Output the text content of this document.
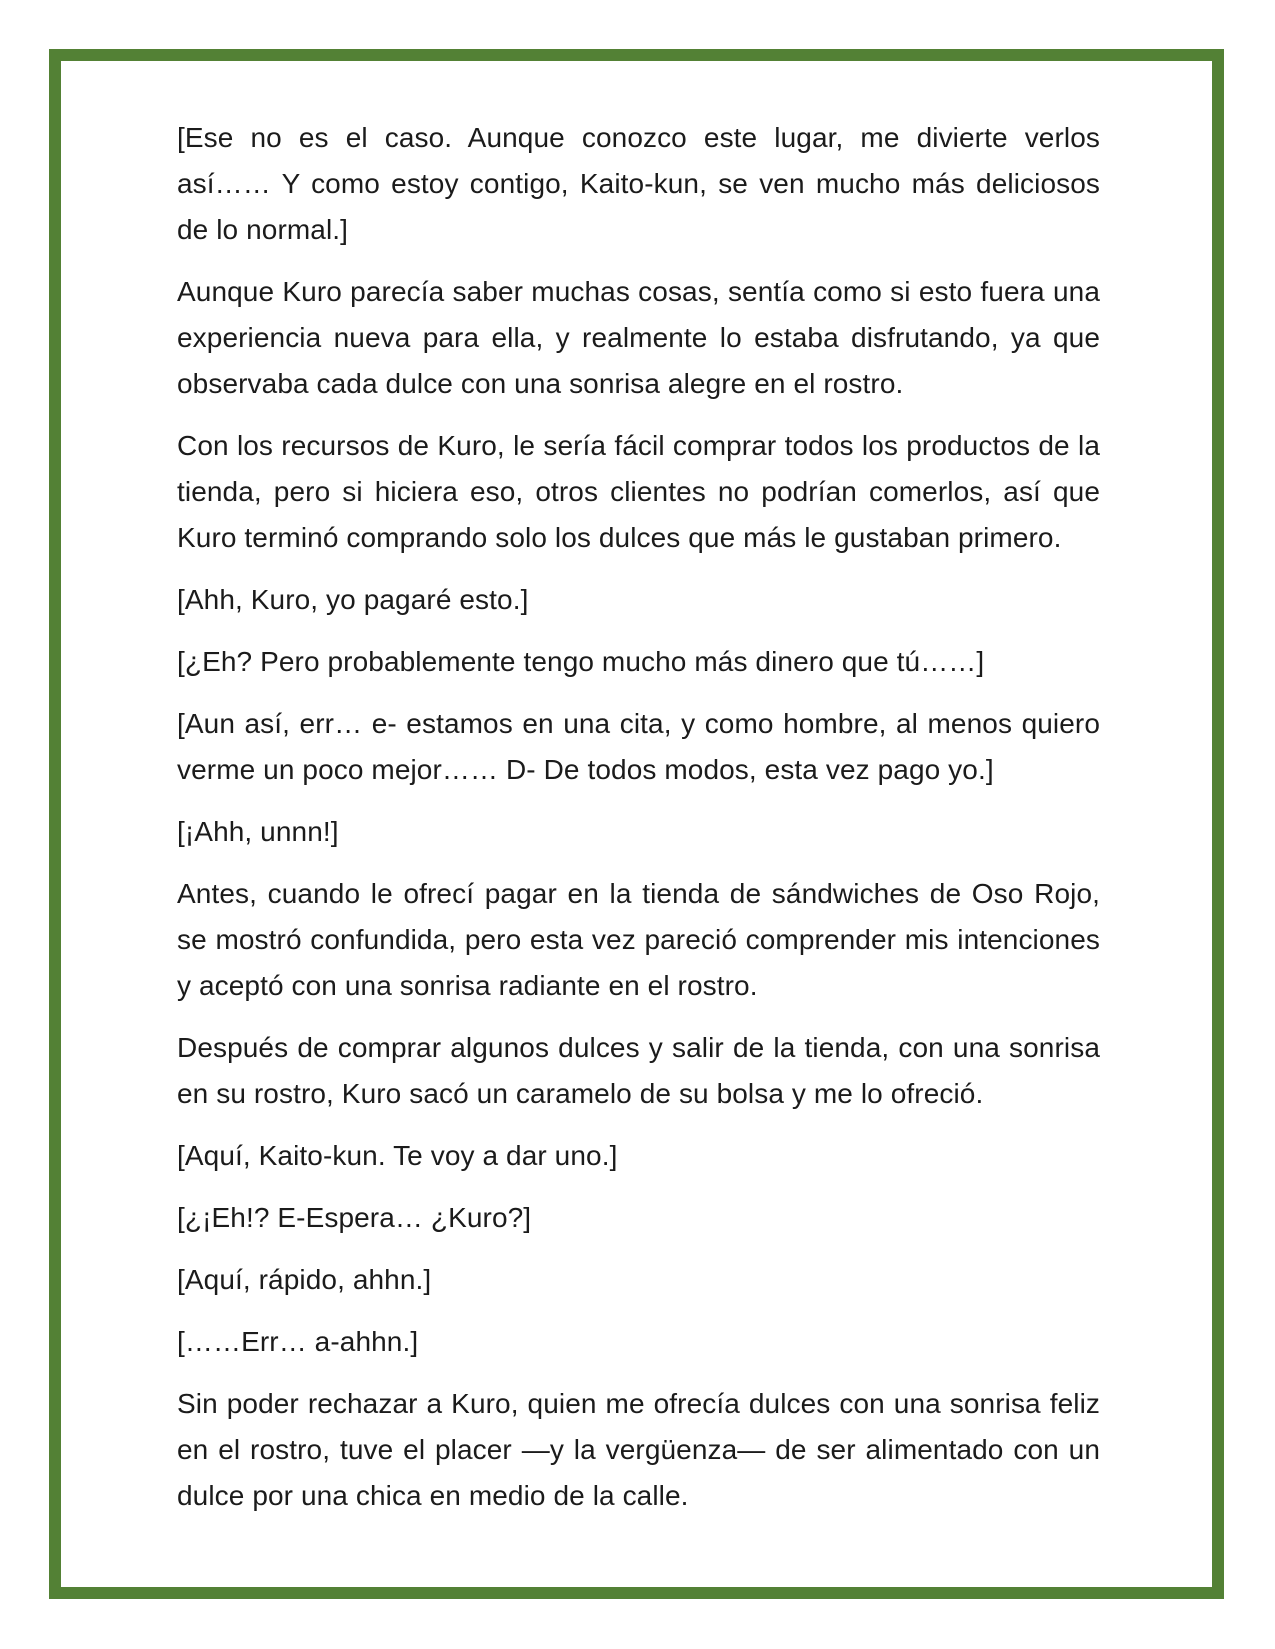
[Ese no es el caso. Aunque conozco este lugar, me divierte verlos así…… Y como estoy contigo, Kaito-kun, se ven mucho más deliciosos de lo normal.]

Aunque Kuro parecía saber muchas cosas, sentía como si esto fuera una experiencia nueva para ella, y realmente lo estaba disfrutando, ya que observaba cada dulce con una sonrisa alegre en el rostro.

Con los recursos de Kuro, le sería fácil comprar todos los productos de la tienda, pero si hiciera eso, otros clientes no podrían comerlos, así que Kuro terminó comprando solo los dulces que más le gustaban primero.

[Ahh, Kuro, yo pagaré esto.]

[¿Eh? Pero probablemente tengo mucho más dinero que tú……]

[Aun así, err… e- estamos en una cita, y como hombre, al menos quiero verme un poco mejor…… D- De todos modos, esta vez pago yo.]

[¡Ahh, unnn!]

Antes, cuando le ofrecí pagar en la tienda de sándwiches de Oso Rojo, se mostró confundida, pero esta vez pareció comprender mis intenciones y aceptó con una sonrisa radiante en el rostro.

Después de comprar algunos dulces y salir de la tienda, con una sonrisa en su rostro, Kuro sacó un caramelo de su bolsa y me lo ofreció.

[Aquí, Kaito-kun. Te voy a dar uno.]

[¿¡Eh!? E-Espera… ¿Kuro?]

[Aquí, rápido, ahhn.]

[……Err… a-ahhn.]

Sin poder rechazar a Kuro, quien me ofrecía dulces con una sonrisa feliz en el rostro, tuve el placer —y la vergüenza— de ser alimentado con un dulce por una chica en medio de la calle.
